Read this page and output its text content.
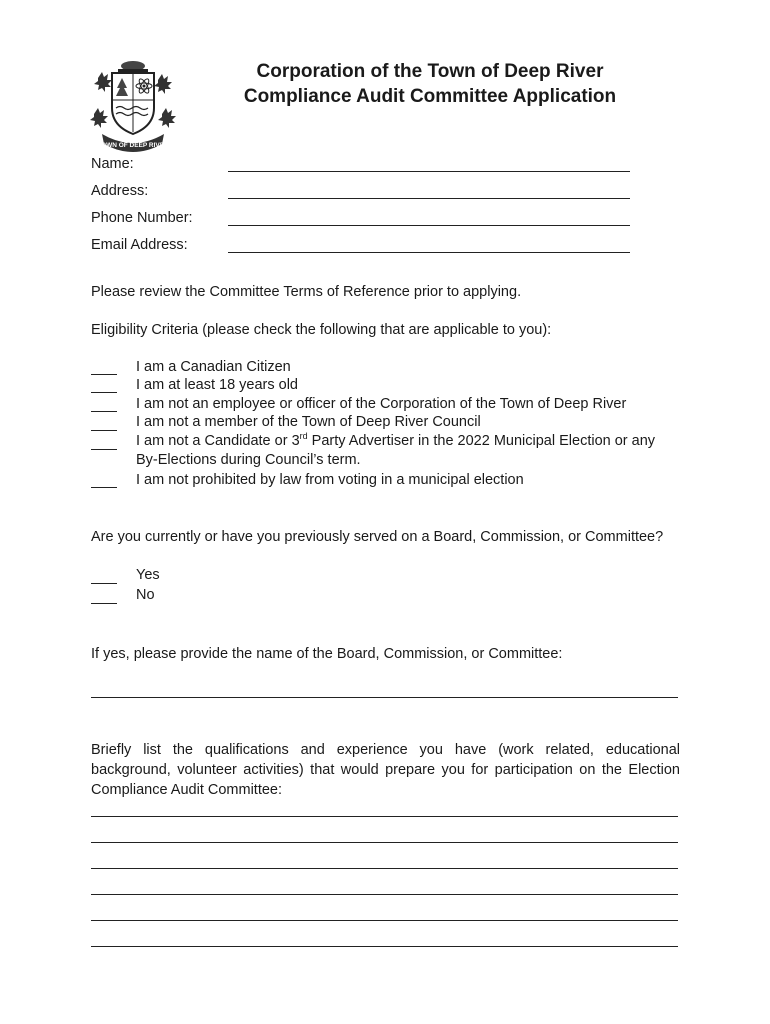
TOWN OF DEEP RIVER
Corporation of the Town of Deep River
Compliance Audit Committee Application
Name:
Address:
Phone Number:
Email Address:
Please review the Committee Terms of Reference prior to applying.
Eligibility Criteria (please check the following that are applicable to you):
I am a Canadian Citizen
I am at least 18 years old
I am not an employee or officer of the Corporation of the Town of Deep River
I am not a member of the Town of Deep River Council
I am not a Candidate or 3rd Party Advertiser in the 2022 Municipal Election or any
By-Elections during Council’s term.
I am not prohibited by law from voting in a municipal election
Are you currently or have you previously served on a Board, Commission, or Committee?
Yes
No
If yes, please provide the name of the Board, Commission, or Committee:
Briefly list the qualifications and experience you have (work related, educational
background, volunteer activities) that would prepare you for participation on the Election
Compliance Audit Committee:
